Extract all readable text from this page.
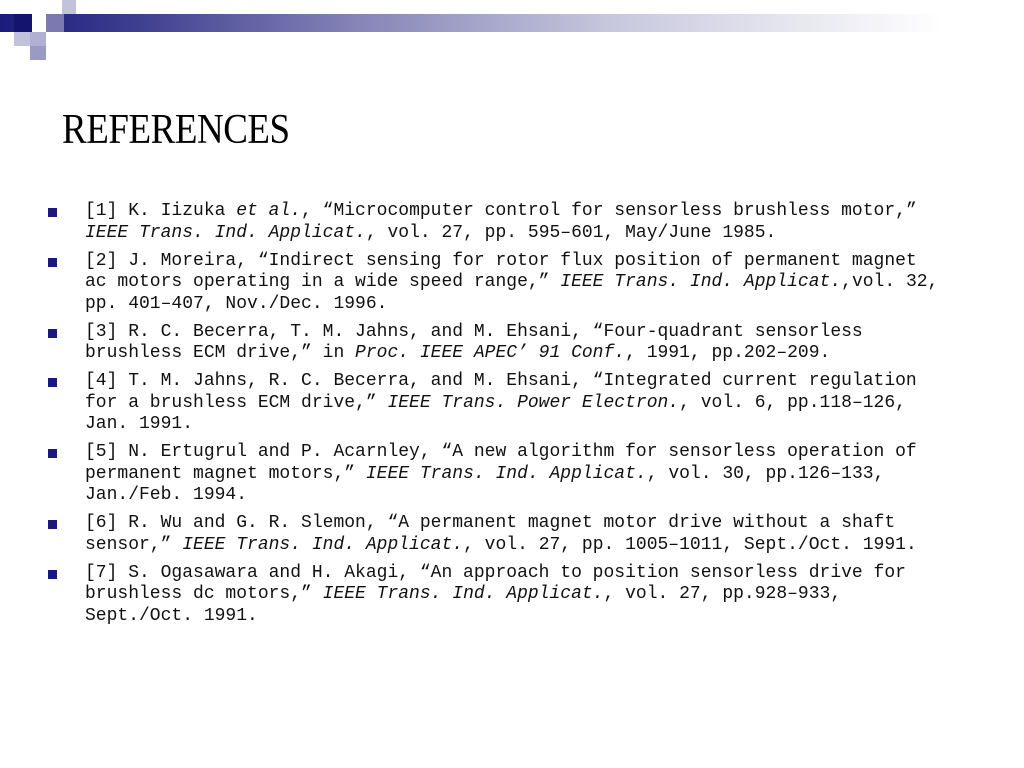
REFERENCES
[1] K. Iizuka et al., “Microcomputer control for sensorless brushless motor,” IEEE Trans. Ind. Applicat., vol. 27, pp. 595–601, May/June 1985.
[2] J. Moreira, “Indirect sensing for rotor flux position of permanent magnet ac motors operating in a wide speed range,” IEEE Trans. Ind. Applicat.,vol. 32, pp. 401–407, Nov./Dec. 1996.
[3] R. C. Becerra, T. M. Jahns, and M. Ehsani, “Four-quadrant sensorless brushless ECM drive,” in Proc. IEEE APEC’ 91 Conf., 1991, pp.202–209.
[4] T. M. Jahns, R. C. Becerra, and M. Ehsani, “Integrated current regulation for a brushless ECM drive,” IEEE Trans. Power Electron., vol. 6, pp.118–126, Jan. 1991.
[5] N. Ertugrul and P. Acarnley, “A new algorithm for sensorless operation of permanent magnet motors,” IEEE Trans. Ind. Applicat., vol. 30, pp.126–133, Jan./Feb. 1994.
[6] R. Wu and G. R. Slemon, “A permanent magnet motor drive without a shaft sensor,” IEEE Trans. Ind. Applicat., vol. 27, pp. 1005–1011, Sept./Oct. 1991.
[7] S. Ogasawara and H. Akagi, “An approach to position sensorless drive for brushless dc motors,” IEEE Trans. Ind. Applicat., vol. 27, pp.928–933, Sept./Oct. 1991.
